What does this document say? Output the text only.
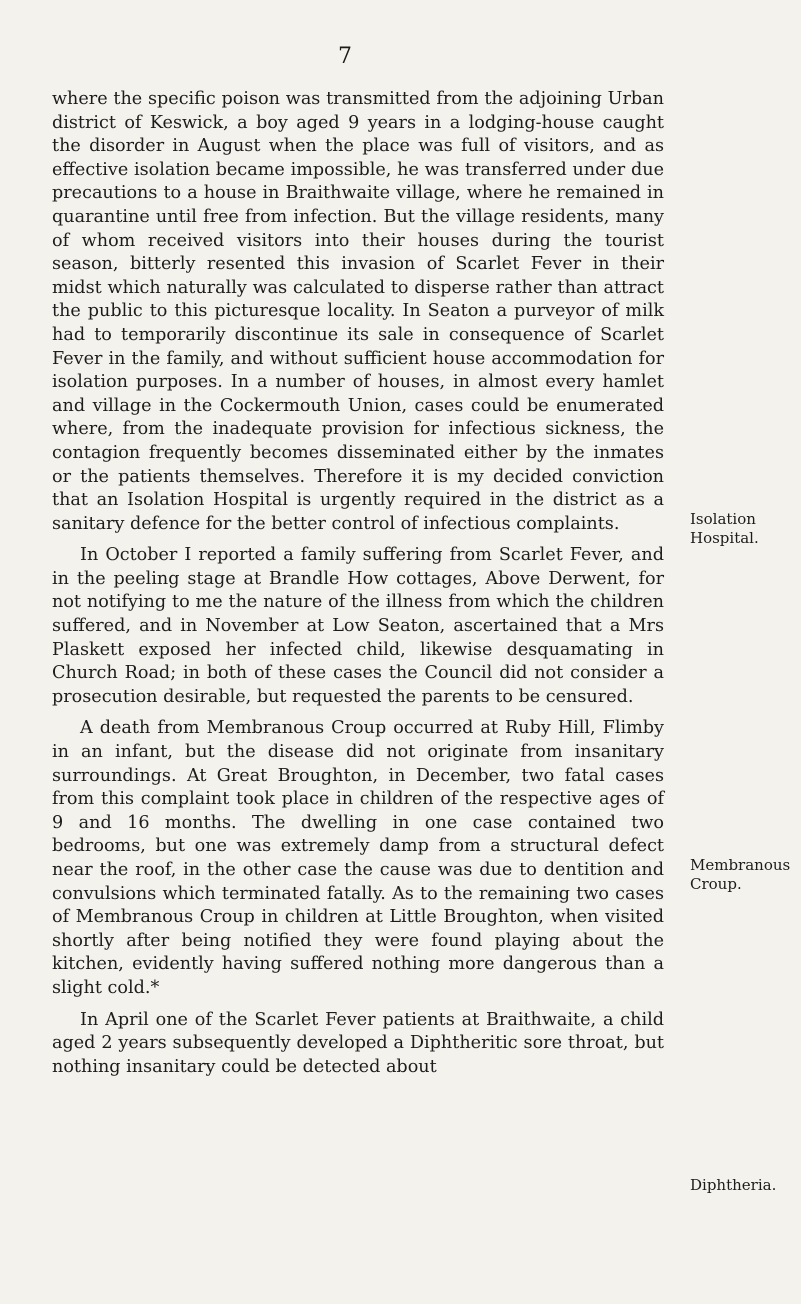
7

where the specific poison was transmitted from the adjoining Urban district of Keswick, a boy aged 9 years in a lodging-house caught the disorder in August when the place was full of visitors, and as effective isolation became impossible, he was transferred under due precautions to a house in Braithwaite village, where he remained in quarantine until free from infection. But the village residents, many of whom received visitors into their houses during the tourist season, bitterly resented this invasion of Scarlet Fever in their midst which naturally was calculated to disperse rather than attract the public to this picturesque locality. In Seaton a purveyor of milk had to temporarily discontinue its sale in consequence of Scarlet Fever in the family, and without sufficient house accommodation for isolation purposes. In a number of houses, in almost every hamlet and village in the Cockermouth Union, cases could be enumerated where, from the inadequate provision for infectious sickness, the contagion frequently becomes disseminated either by the inmates or the patients themselves. Therefore it is my decided conviction that an Isolation Hospital is urgently required in the district as a sanitary defence for the better control of infectious complaints.

In October I reported a family suffering from Scarlet Fever, and in the peeling stage at Brandle How cottages, Above Derwent, for not notifying to me the nature of the illness from which the children suffered, and in November at Low Seaton, ascertained that a Mrs Plaskett exposed her infected child, likewise desquamating in Church Road; in both of these cases the Council did not consider a prosecution desirable, but requested the parents to be censured.

A death from Membranous Croup occurred at Ruby Hill, Flimby in an infant, but the disease did not originate from insanitary surroundings. At Great Broughton, in December, two fatal cases from this complaint took place in children of the respective ages of 9 and 16 months. The dwelling in one case contained two bedrooms, but one was extremely damp from a structural defect near the roof, in the other case the cause was due to dentition and convulsions which terminated fatally. As to the remaining two cases of Membranous Croup in children at Little Broughton, when visited shortly after being notified they were found playing about the kitchen, evidently having suffered nothing more dangerous than a slight cold.*

In April one of the Scarlet Fever patients at Braithwaite, a child aged 2 years subsequently developed a Diphtheritic sore throat, but nothing insanitary could be detected about

Isolation Hospital.
Membranous Croup.
Diphtheria.
